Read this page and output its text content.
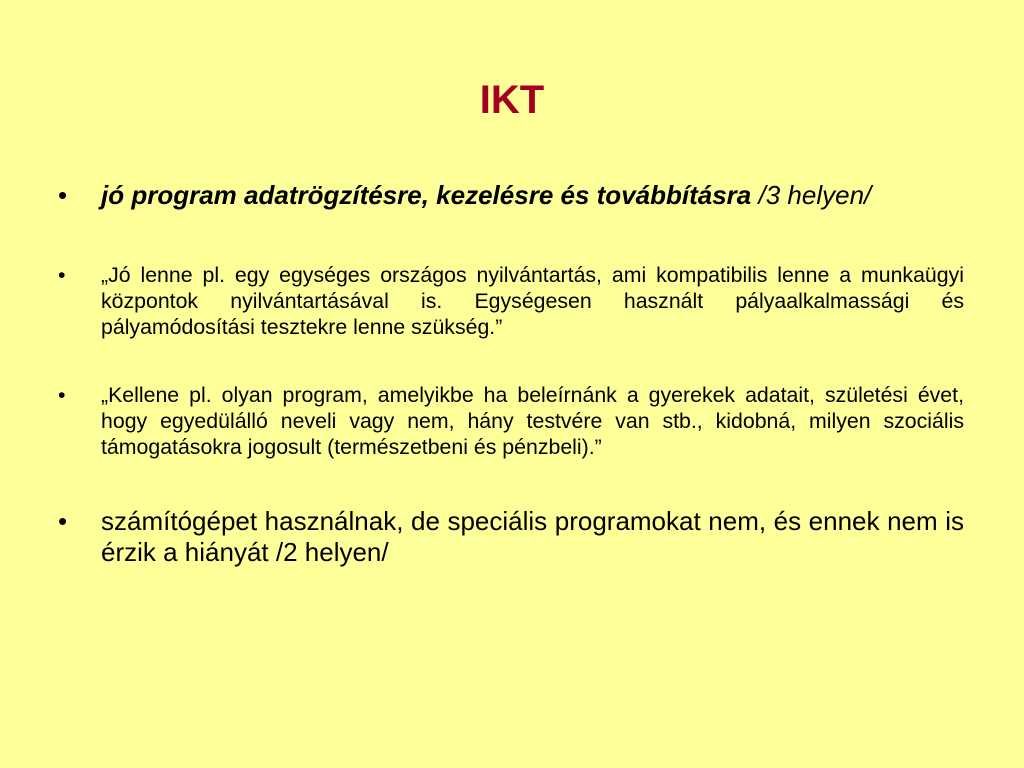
IKT
• jó program adatrögzítésre, kezelésre és továbbításra /3 helyen/
• „Jó lenne pl. egy egységes országos nyilvántartás, ami kompatibilis lenne a munkaügyi központok nyilvántartásával is. Egységesen használt pályaalkalmassági és pályamódosítási tesztekre lenne szükség.”
• „Kellene pl. olyan program, amelyikbe ha beleírnánk a gyerekek adatait, születési évet, hogy egyedülálló neveli vagy nem, hány testvére van stb., kidobná, milyen szociális támogatásokra jogosult (természetbeni és pénzbeli).”
• számítógépet használnak, de speciális programokat nem, és ennek nem is érzik a hiányát /2 helyen/
